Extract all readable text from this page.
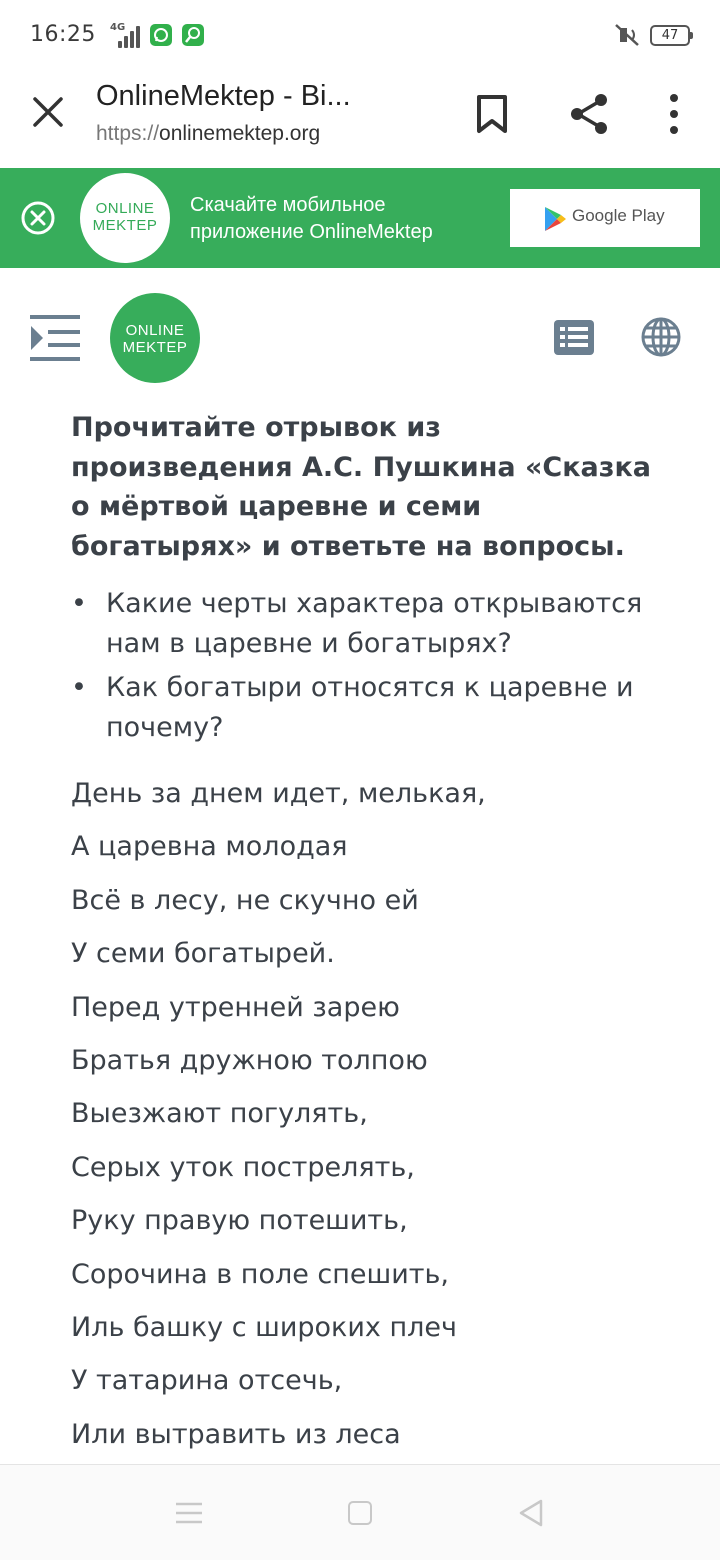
16:25 4G
47
OnlineMektep - Bi...
https://onlinemektep.org
ONLINE
MEKTEP
Скачайте мобильное
приложение OnlineMektep
Google Play
ONLINE
MEKTEP
Прочитайте отрывок из произведения А.С. Пушкина «Сказка о мёртвой царевне и семи богатырях» и ответьте на вопросы.
• Какие черты характера открываются нам в царевне и богатырях?
• Как богатыри относятся к царевне и почему?

День за днем идет, мелькая,

А царевна молодая

Всё в лесу, не скучно ей

У семи богатырей.

Перед утренней зарею

Братья дружною толпою

Выезжают погулять,

Серых уток пострелять,

Руку правую потешить,

Сорочина в поле спешить,

Иль башку с широких плеч

У татарина отсечь,

Или вытравить из леса
